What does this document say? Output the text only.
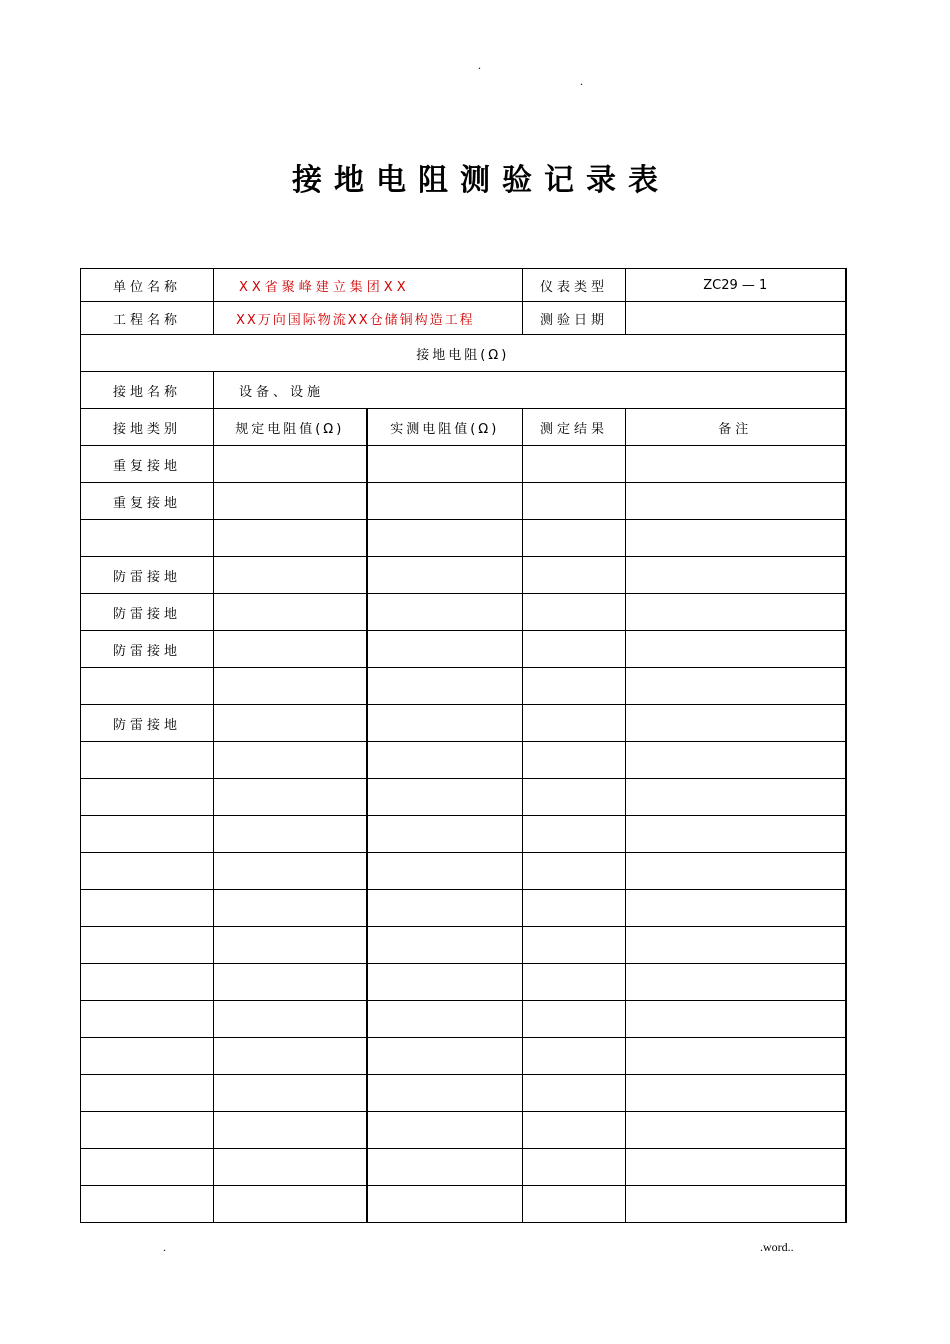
.
.
接地电阻测验记录表
单位名称	XX省聚峰建立集团XX		仪表类型	ZC29 — 1
工程名称	XX万向国际物流XX仓储铜构造工程		测验日期	
接地电阻(Ω)				
接地名称	设备、设施			
接地类别	规定电阻值(Ω)	实测电阻值(Ω)	测定结果	备注
重复接地				
重复接地				

防雷接地				
防雷接地				
防雷接地				

防雷接地				

.	.word..
